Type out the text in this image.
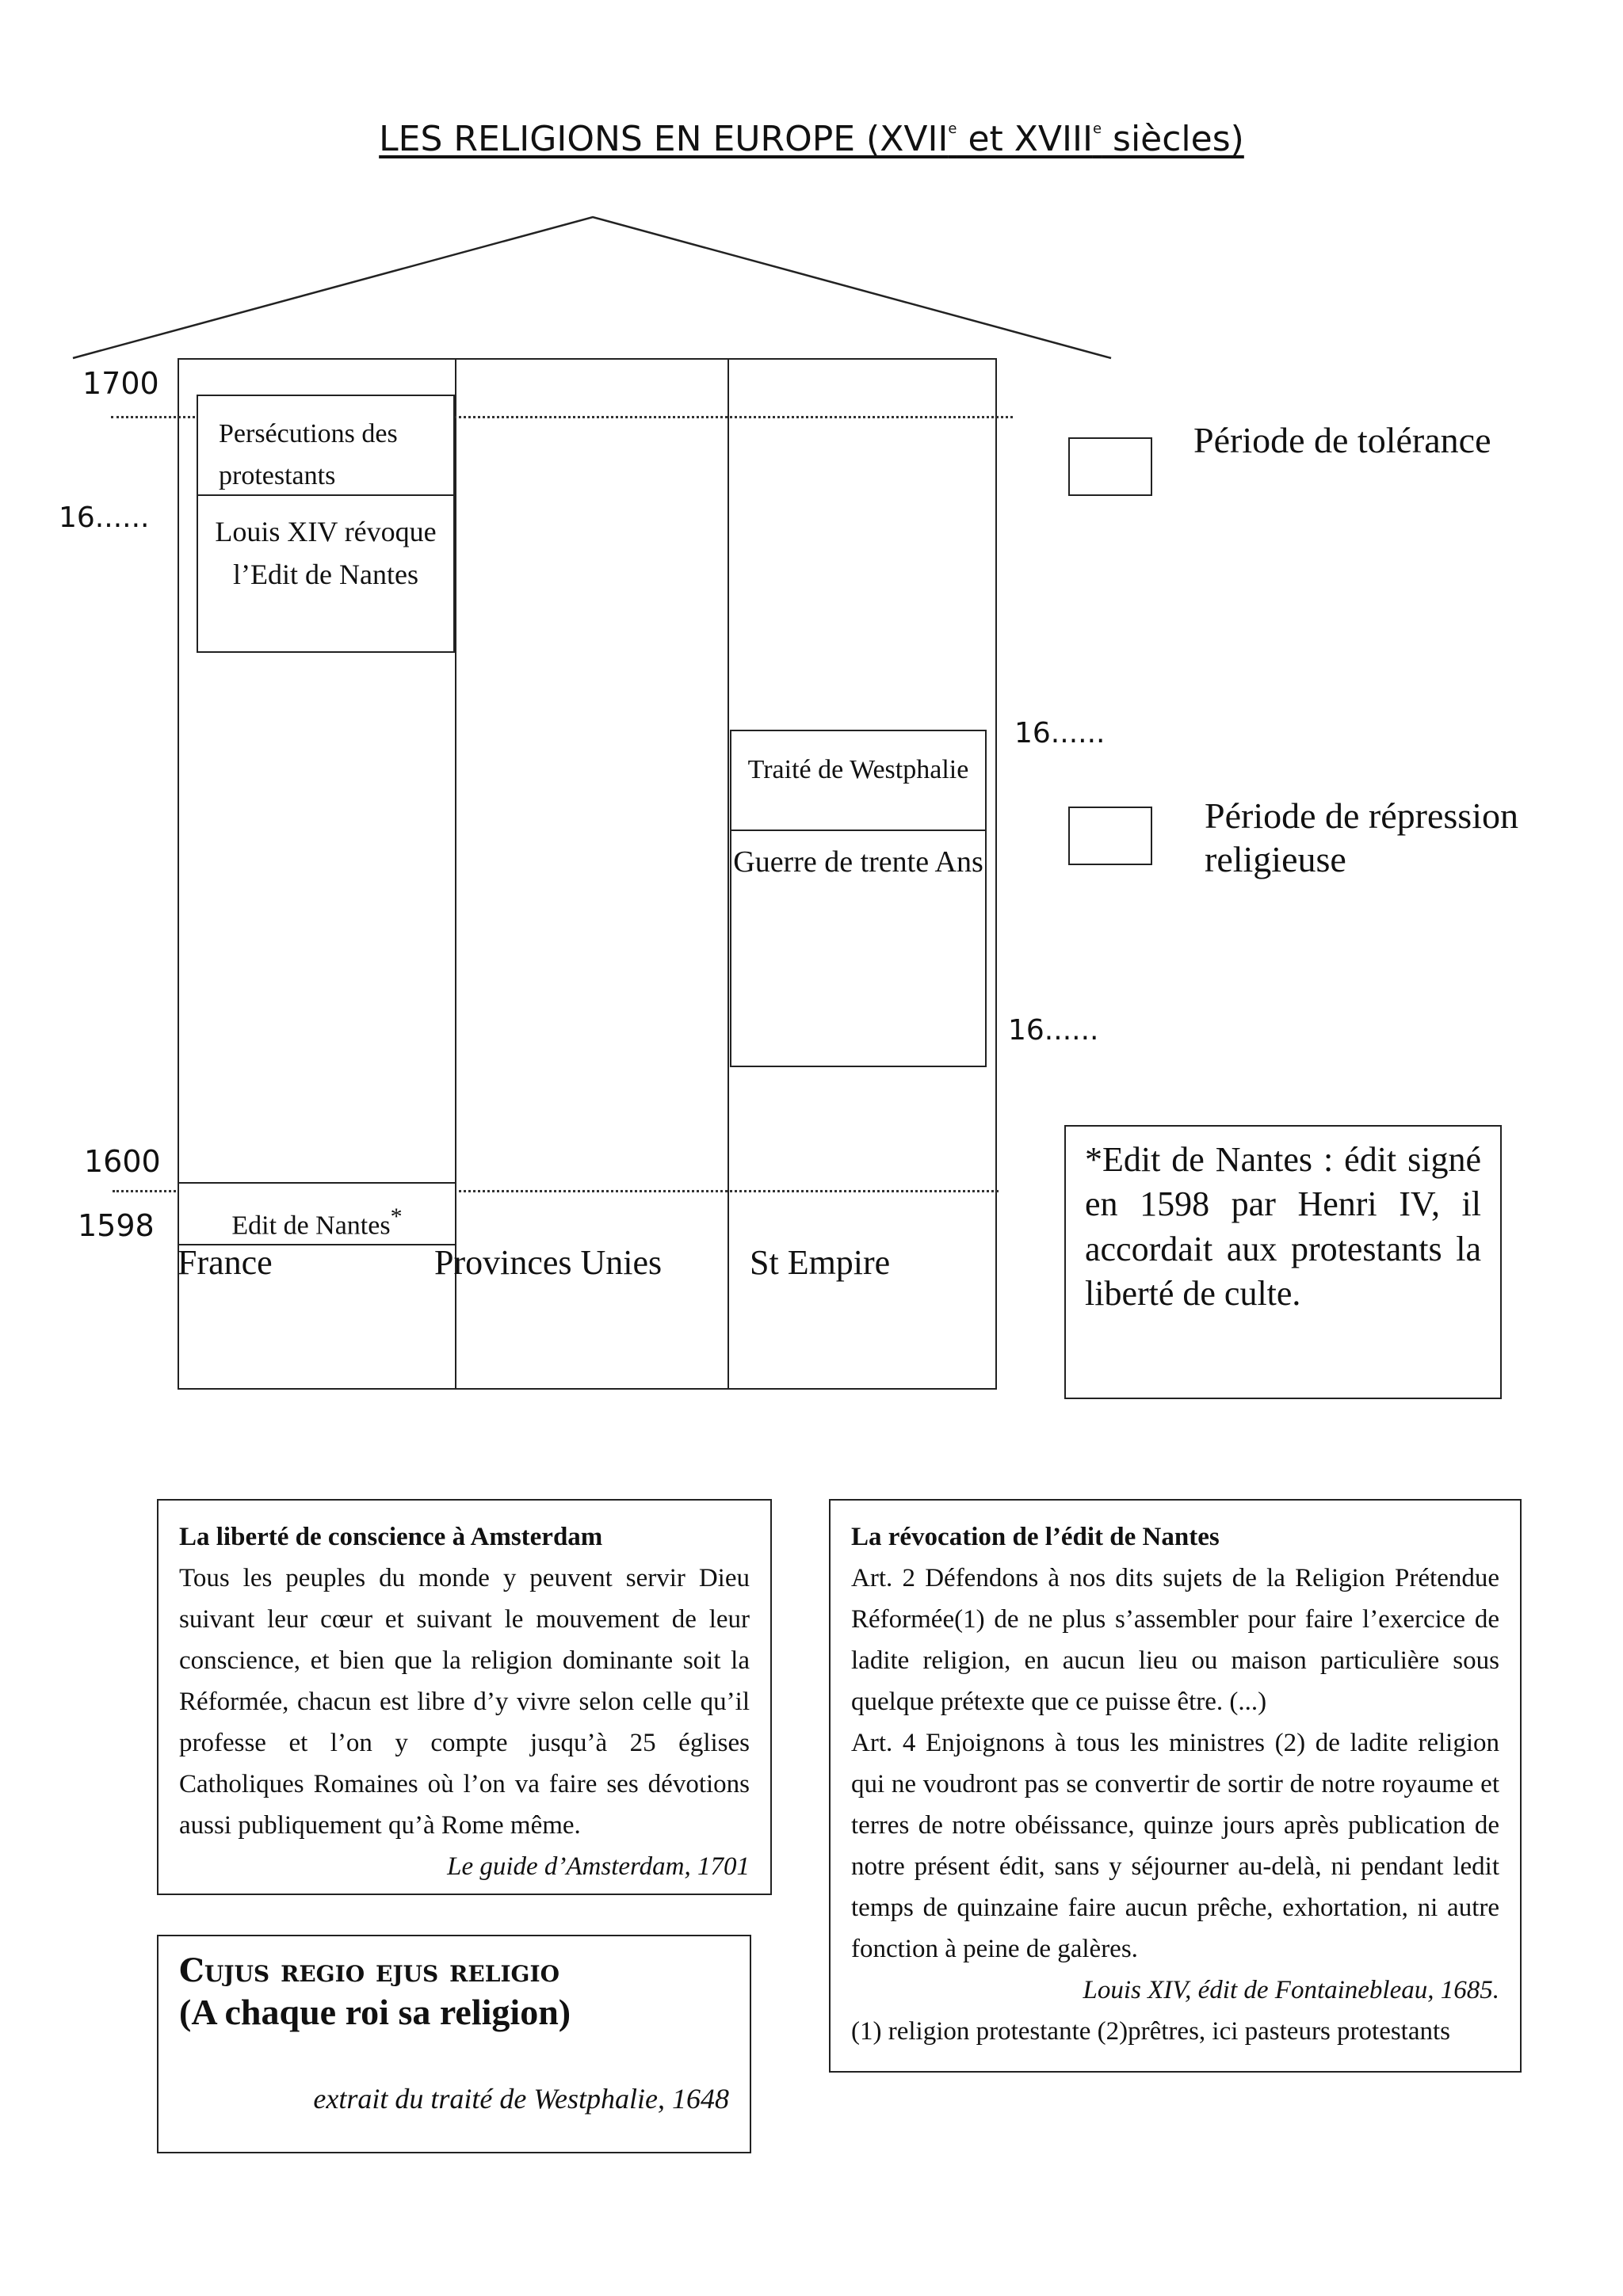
LES RELIGIONS EN EUROPE (XVIIe et XVIIIe siècles)
1700
16......
16......
16......
1600
1598
Persécutions des protestants
Louis XIV révoque l’Edit de Nantes
Edit de Nantes*
Traité de Westphalie
Guerre de trente Ans
France	Provinces Unies	St Empire
Période de tolérance
Période de répression religieuse
*Edit de Nantes : édit signé en 1598 par Henri IV, il accordait aux protestants la liberté de culte.
La liberté de conscience à Amsterdam
Tous les peuples du monde y peuvent servir Dieu suivant leur cœur et suivant le mouvement de leur conscience, et bien que la religion dominante soit la Réformée, chacun est libre d’y vivre selon celle qu’il professe et l’on y compte jusqu’à 25 églises Catholiques Romaines où l’on va faire ses dévotions aussi publiquement qu’à Rome même.
Le guide d’Amsterdam, 1701
La révocation de l’édit de Nantes
Art. 2 Défendons à nos dits sujets de la Religion Prétendue Réformée(1) de ne plus s’assembler pour faire l’exercice de ladite religion, en aucun lieu ou maison particulière sous quelque prétexte que ce puisse être. (...)
Art. 4 Enjoignons à tous les ministres (2) de ladite religion qui ne voudront pas se convertir de sortir de notre royaume et terres de notre obéissance, quinze jours après publication de notre présent édit, sans y séjourner au-delà, ni pendant ledit temps de quinzaine faire aucun prêche, exhortation, ni autre fonction à peine de galères.
Louis XIV, édit de Fontainebleau, 1685.
(1) religion protestante (2)prêtres, ici pasteurs protestants
Cujus regio ejus religio
(A chaque roi sa religion)
extrait du traité de Westphalie, 1648
